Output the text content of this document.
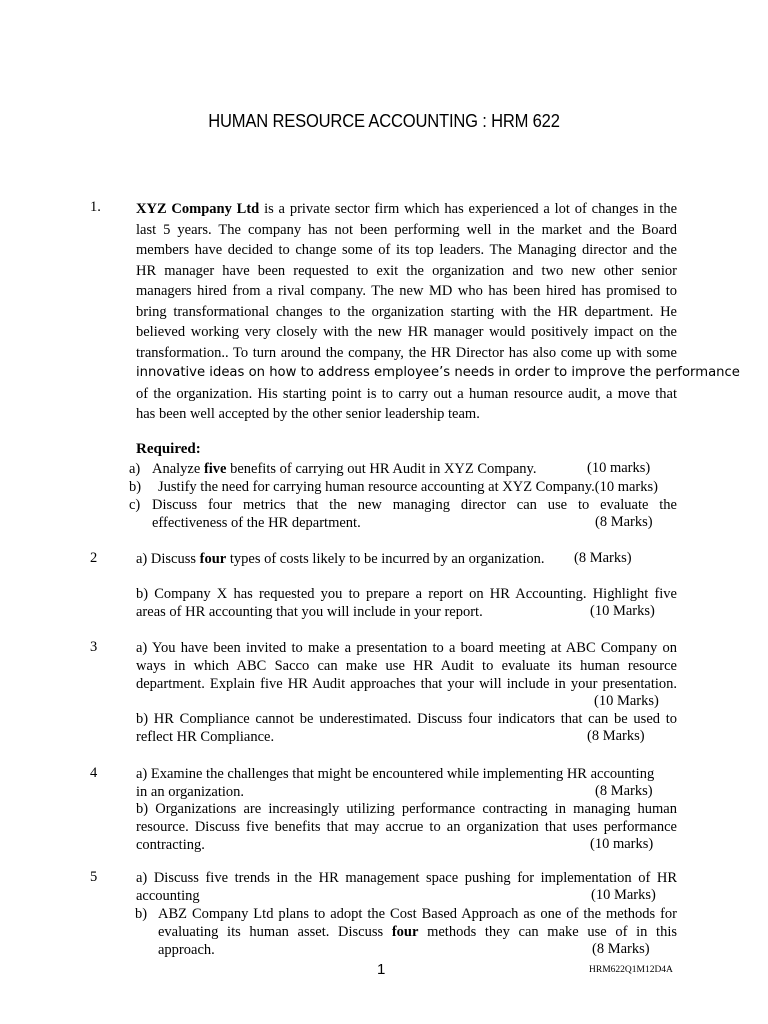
HUMAN RESOURCE ACCOUNTING : HRM 622
1. XYZ Company Ltd is a private sector firm which has experienced a lot of changes in the
last 5 years. The company has not been performing well in the market and the Board
members have decided to change some of its top leaders. The Managing director and the
HR manager have been requested to exit the organization and two new other senior
managers hired from a rival company. The new MD who has been hired has promised to
bring transformational changes to the organization starting with the HR department. He
believed working very closely with the new HR manager would positively impact on the
transformation.. To turn around the company, the HR Director has also come up with some
innovative ideas on how to address employee’s needs in order to improve the performance
of the organization. His starting point is to carry out a human resource audit, a move that
has been well accepted by the other senior leadership team.
Required:
a) Analyze five benefits of carrying out HR Audit in XYZ Company.	(10 marks)
b) Justify the need for carrying human resource accounting at XYZ Company.(10 marks)
c) Discuss four metrics that the new managing director can use to evaluate the
effectiveness of the HR department.	(8 Marks)
2	a) Discuss four types of costs likely to be incurred by an organization.	(8 Marks)
b) Company X has requested you to prepare a report on HR Accounting. Highlight five
areas of HR accounting that you will include in your report.	(10 Marks)
3	a) You have been invited to make a presentation to a board meeting at ABC Company on
ways in which ABC Sacco can make use HR Audit to evaluate its human resource
department. Explain five HR Audit approaches that your will include in your presentation.
(10 Marks)
b) HR Compliance cannot be underestimated. Discuss four indicators that can be used to
reflect HR Compliance.	(8 Marks)
4	a) Examine the challenges that might be encountered while implementing HR accounting
in an organization.	(8 Marks)
b) Organizations are increasingly utilizing performance contracting in managing human
resource. Discuss five benefits that may accrue to an organization that uses performance
contracting.	(10 marks)
5	a) Discuss five trends in the HR management space pushing for implementation of HR
accounting	(10 Marks)
b) ABZ Company Ltd plans to adopt the Cost Based Approach as one of the methods for
evaluating its human asset. Discuss four methods they can make use of in this
approach.	(8 Marks)
1	HRM622Q1M12D4A
